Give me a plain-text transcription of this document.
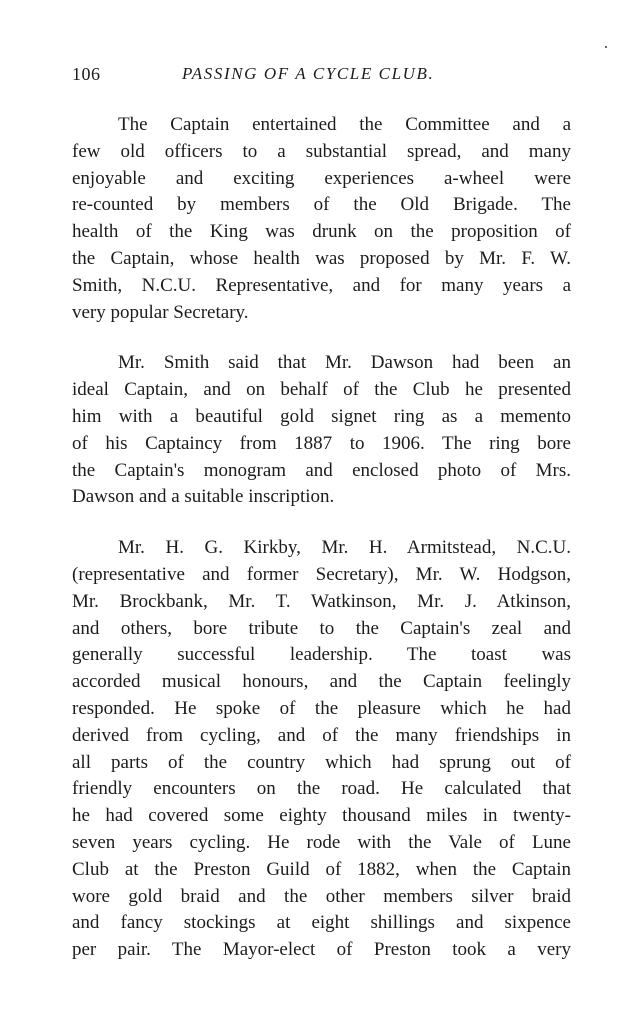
106	PASSING OF A CYCLE CLUB.

The Captain entertained the Committee and a
few old officers to a substantial spread, and many
enjoyable and exciting experiences a-wheel were
re-counted by members of the Old Brigade. The
health of the King was drunk on the proposition of
the Captain, whose health was proposed by Mr. F. W.
Smith, N.C.U. Representative, and for many years a
very popular Secretary.

Mr. Smith said that Mr. Dawson had been an
ideal Captain, and on behalf of the Club he presented
him with a beautiful gold signet ring as a memento
of his Captaincy from 1887 to 1906. The ring bore
the Captain's monogram and enclosed photo of Mrs.
Dawson and a suitable inscription.

Mr. H. G. Kirkby, Mr. H. Armitstead, N.C.U.
(representative and former Secretary), Mr. W. Hodgson,
Mr. Brockbank, Mr. T. Watkinson, Mr. J. Atkinson,
and others, bore tribute to the Captain's zeal and
generally successful leadership. The toast was
accorded musical honours, and the Captain feelingly
responded. He spoke of the pleasure which he had
derived from cycling, and of the many friendships in
all parts of the country which had sprung out of
friendly encounters on the road. He calculated that
he had covered some eighty thousand miles in twenty-
seven years cycling. He rode with the Vale of Lune
Club at the Preston Guild of 1882, when the Captain
wore gold braid and the other members silver braid
and fancy stockings at eight shillings and sixpence
per pair. The Mayor-elect of Preston took a very
